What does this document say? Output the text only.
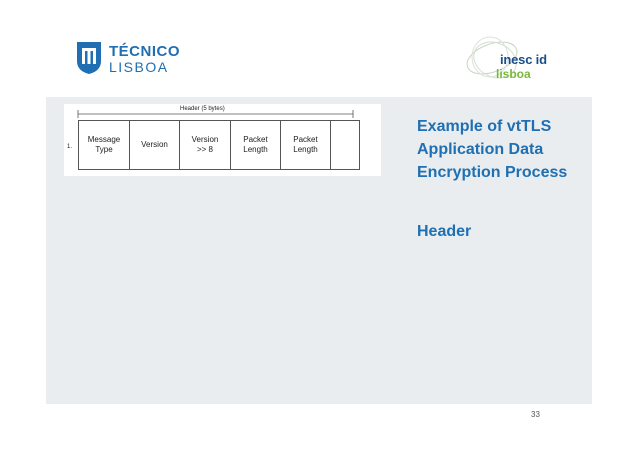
TÉCNICO
LISBOA	inesc id
lisboa
Header (5 bytes)
1.
Message
Type
Version
Version
>> 8
Packet
Length
Packet
Length
Example of vtTLS Application Data Encryption Process
Header
33
